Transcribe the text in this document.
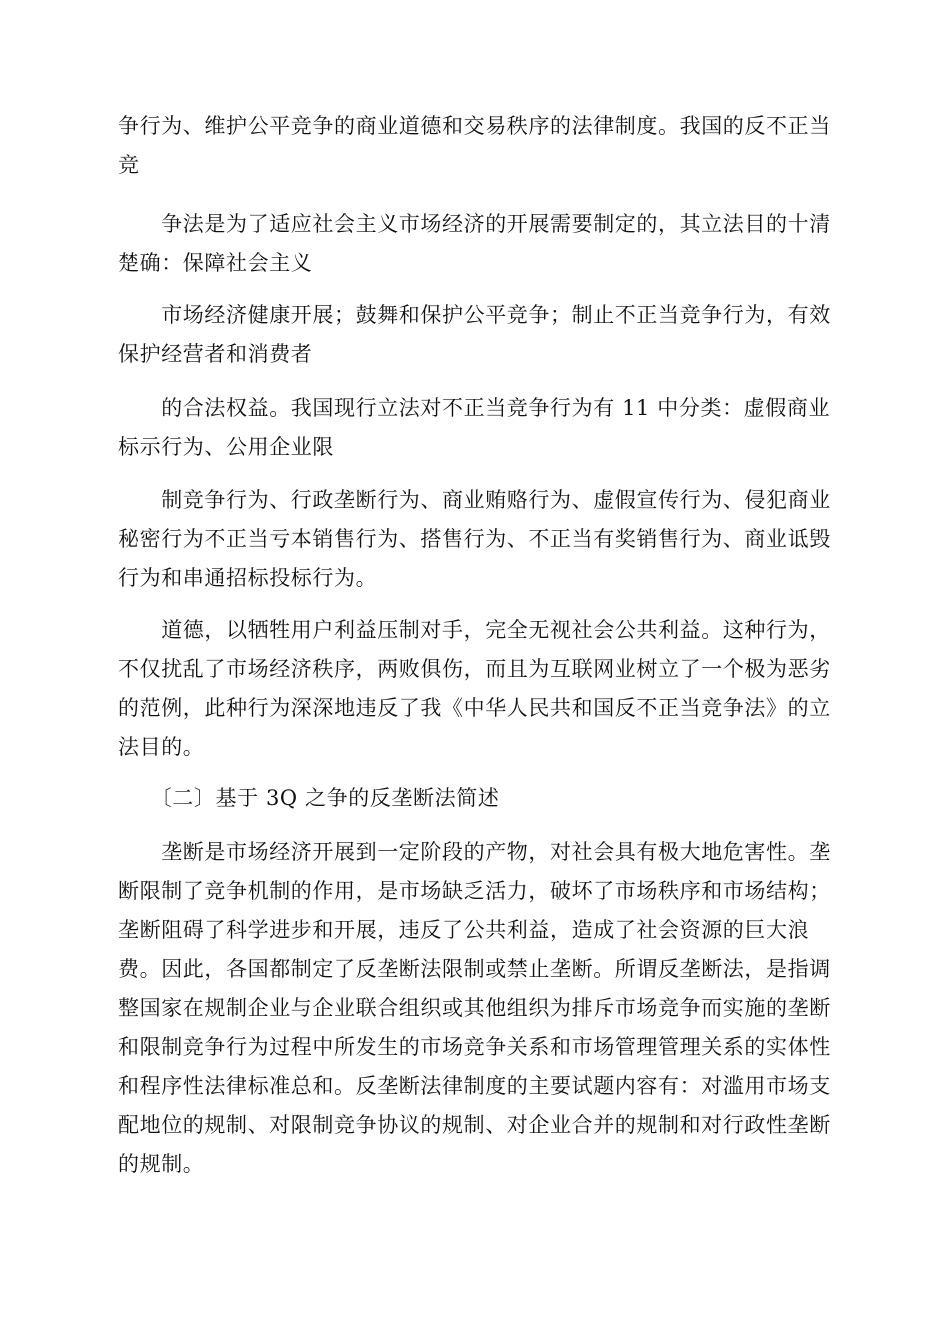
争行为、维护公平竞争的商业道德和交易秩序的法律制度。我国的反不正当竞

　　争法是为了适应社会主义市场经济的开展需要制定的，其立法目的十清楚确：保障社会主义

　　市场经济健康开展；鼓舞和保护公平竞争；制止不正当竞争行为，有效保护经营者和消费者

　　的合法权益。我国现行立法对不正当竞争行为有 11 中分类：虚假商业标示行为、公用企业限

　　制竞争行为、行政垄断行为、商业贿赂行为、虚假宣传行为、侵犯商业秘密行为不正当亏本销售行为、搭售行为、不正当有奖销售行为、商业诋毁行为和串通招标投标行为。

　　道德，以牺牲用户利益压制对手，完全无视社会公共利益。这种行为，不仅扰乱了市场经济秩序，两败俱伤，而且为互联网业树立了一个极为恶劣的范例，此种行为深深地违反了我《中华人民共和国反不正当竞争法》的立法目的。

　　〔二〕基于 3Q 之争的反垄断法简述

　　垄断是市场经济开展到一定阶段的产物，对社会具有极大地危害性。垄断限制了竞争机制的作用，是市场缺乏活力，破坏了市场秩序和市场结构；垄断阻碍了科学进步和开展，违反了公共利益，造成了社会资源的巨大浪费。因此，各国都制定了反垄断法限制或禁止垄断。所谓反垄断法，是指调整国家在规制企业与企业联合组织或其他组织为排斥市场竞争而实施的垄断和限制竞争行为过程中所发生的市场竞争关系和市场管理管理关系的实体性和程序性法律标准总和。反垄断法律制度的主要试题内容有：对滥用市场支配地位的规制、对限制竞争协议的规制、对企业合并的规制和对行政性垄断的规制。
